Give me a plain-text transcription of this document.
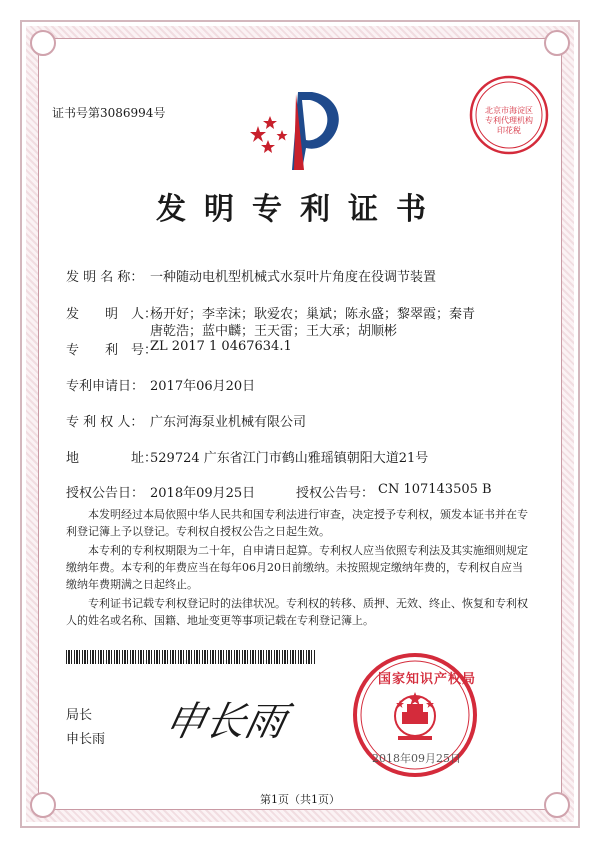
证书号第3086994号	北京市海淀区专利代理机构 印花税
发明专利证书
发 明 名 称： 一种随动电机型机械式水泵叶片角度在役调节装置
发　　明　人：
杨开好；李幸沫；耿爱农；巢斌；陈永盛；黎翠霞；秦青
唐乾浩；蓝中麟；王天雷；王大承；胡顺彬
专　　利　号：
ZL 2017 1 0467634.1
专利申请日： 2017年06月20日
专 利 权 人： 广东河海泵业机械有限公司
地　　　　址：
529724 广东省江门市鹤山雅瑶镇朝阳大道21号
授权公告日： 2018年09月25日	授权公告号： CN 107143505 B
本发明经过本局依照中华人民共和国专利法进行审查，决定授予专利权，颁发本证书并在专利登记簿上予以登记。专利权自授权公告之日起生效。
本专利的专利权期限为二十年，自申请日起算。专利权人应当依照专利法及其实施细则规定缴纳年费。本专利的年费应当在每年06月20日前缴纳。未按照规定缴纳年费的，专利权自应当缴纳年费期满之日起终止。
专利证书记载专利权登记时的法律状况。专利权的转移、质押、无效、终止、恢复和专利权人的姓名或名称、国籍、地址变更等事项记载在专利登记簿上。
局长
申长雨 申长雨
国家知识产权局
2018年09月25日
第1页（共1页）
